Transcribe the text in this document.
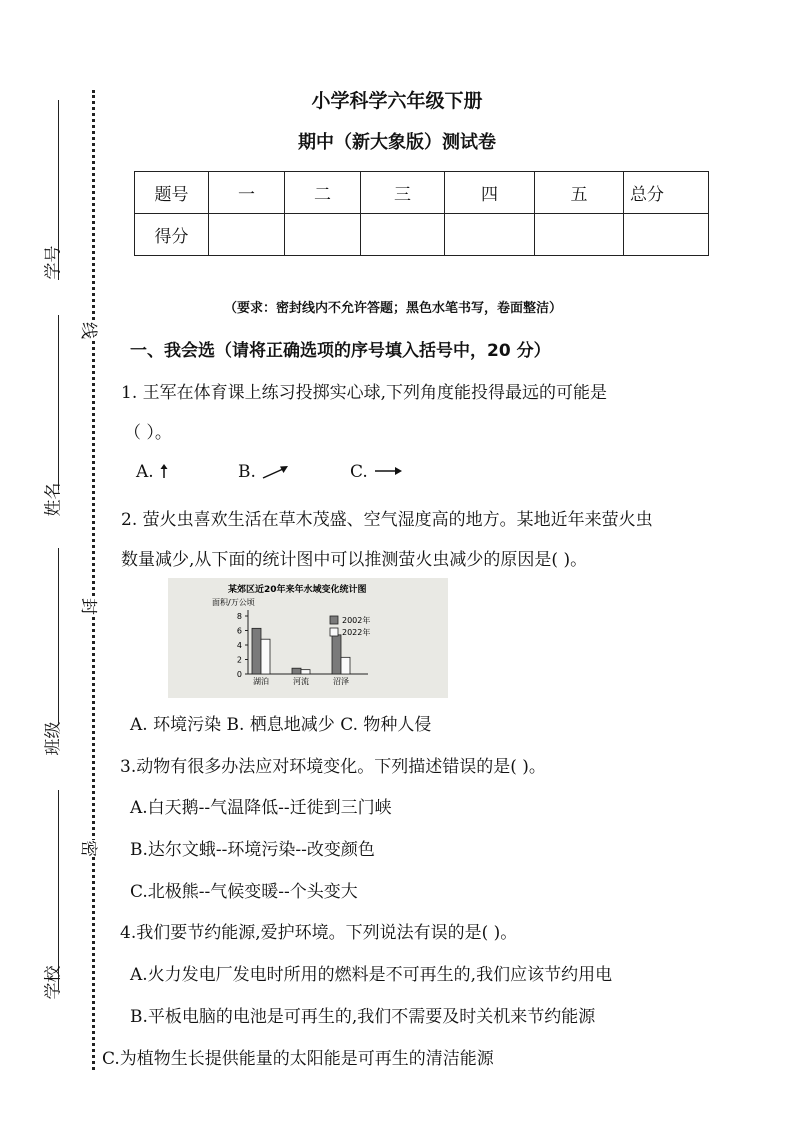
学号
姓名
班级
学校
线
封
密
小学科学六年级下册
期中（新大象版）测试卷
题号	一	二	三	四	五	总分
得分						
（要求：密封线内不允许答题；黑色水笔书写，卷面整洁）
一、我会选（请将正确选项的序号填入括号中，20 分）
1. 王军在体育课上练习投掷实心球,下列角度能投得最远的可能是
（ ）。
A.	B.	C.
2. 萤火虫喜欢生活在草木茂盛、空气湿度高的地方。某地近年来萤火虫
数量减少,从下面的统计图中可以推测萤火虫减少的原因是( )。
某郊区近20年来年水域变化统计图
面积/万公顷
0
2
4
6
8
湖泊	河流	沼泽
2002年
2022年
A. 环境污染 B. 栖息地减少 C. 物种人侵
3.动物有很多办法应对环境变化。下列描述错误的是( )。
A.白天鹅--气温降低--迁徙到三门峡
B.达尔文蛾--环境污染--改变颜色
C.北极熊--气候变暖--个头变大
4.我们要节约能源,爱护环境。下列说法有误的是( )。
A.火力发电厂发电时所用的燃料是不可再生的,我们应该节约用电
B.平板电脑的电池是可再生的,我们不需要及时关机来节约能源
C.为植物生长提供能量的太阳能是可再生的清洁能源
